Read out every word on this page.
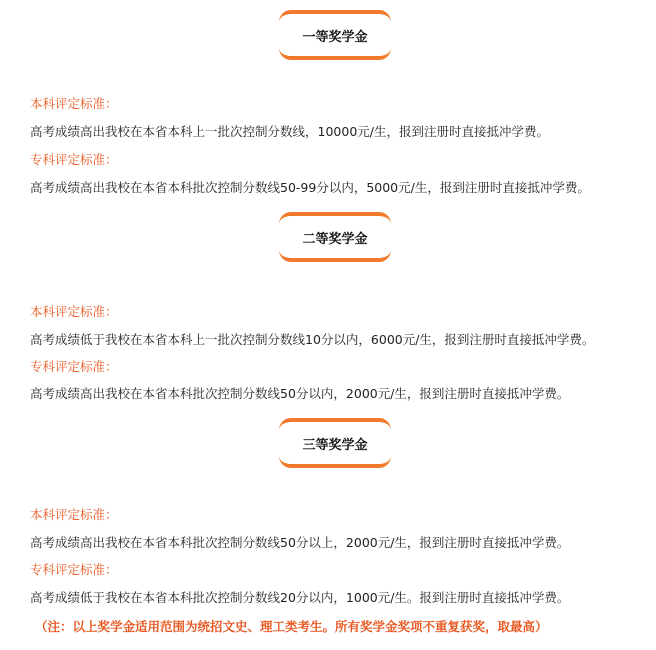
一等奖学金
本科评定标准：
高考成绩高出我校在本省本科上一批次控制分数线，10000元/生，报到注册时直接抵冲学费。
专科评定标准：
高考成绩高出我校在本省本科批次控制分数线50-99分以内，5000元/生，报到注册时直接抵冲学费。
二等奖学金
本科评定标准：
高考成绩低于我校在本省本科上一批次控制分数线10分以内，6000元/生，报到注册时直接抵冲学费。
专科评定标准：
高考成绩高出我校在本省本科批次控制分数线50分以内，2000元/生，报到注册时直接抵冲学费。
三等奖学金
本科评定标准：
高考成绩高出我校在本省本科批次控制分数线50分以上，2000元/生，报到注册时直接抵冲学费。
专科评定标准：
高考成绩低于我校在本省本科批次控制分数线20分以内，1000元/生。报到注册时直接抵冲学费。
（注：以上奖学金适用范围为统招文史、理工类考生。所有奖学金奖项不重复获奖，取最高）
